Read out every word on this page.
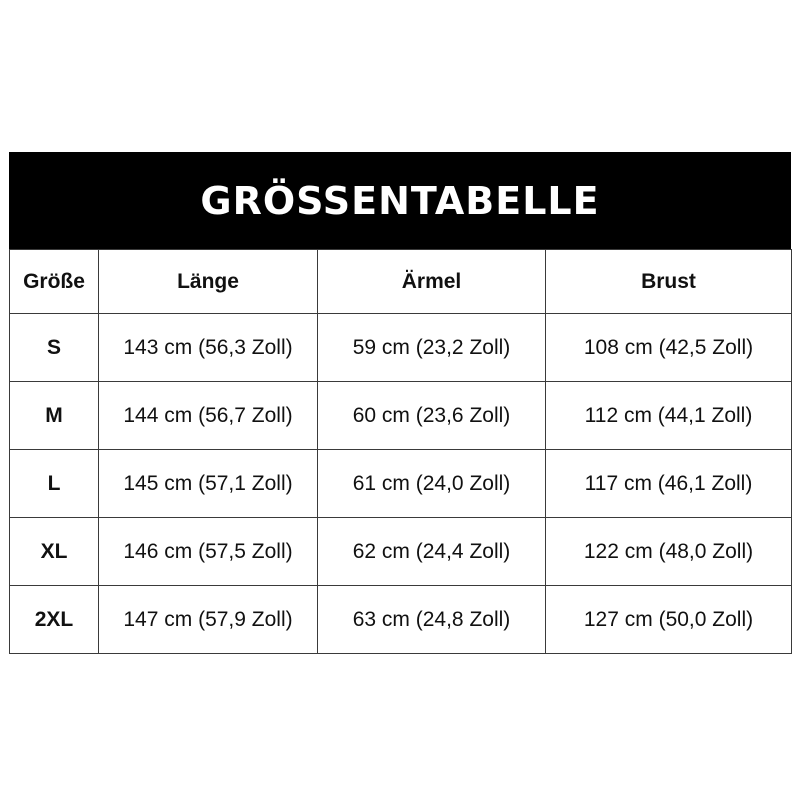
GRÖSSENTABELLE
Größe	Länge	Ärmel	Brust
S	143 cm (56,3 Zoll)	59 cm (23,2 Zoll)	108 cm (42,5 Zoll)
M	144 cm (56,7 Zoll)	60 cm (23,6 Zoll)	112 cm (44,1 Zoll)
L	145 cm (57,1 Zoll)	61 cm (24,0 Zoll)	117 cm (46,1 Zoll)
XL	146 cm (57,5 Zoll)	62 cm (24,4 Zoll)	122 cm (48,0 Zoll)
2XL	147 cm (57,9 Zoll)	63 cm (24,8 Zoll)	127 cm (50,0 Zoll)
